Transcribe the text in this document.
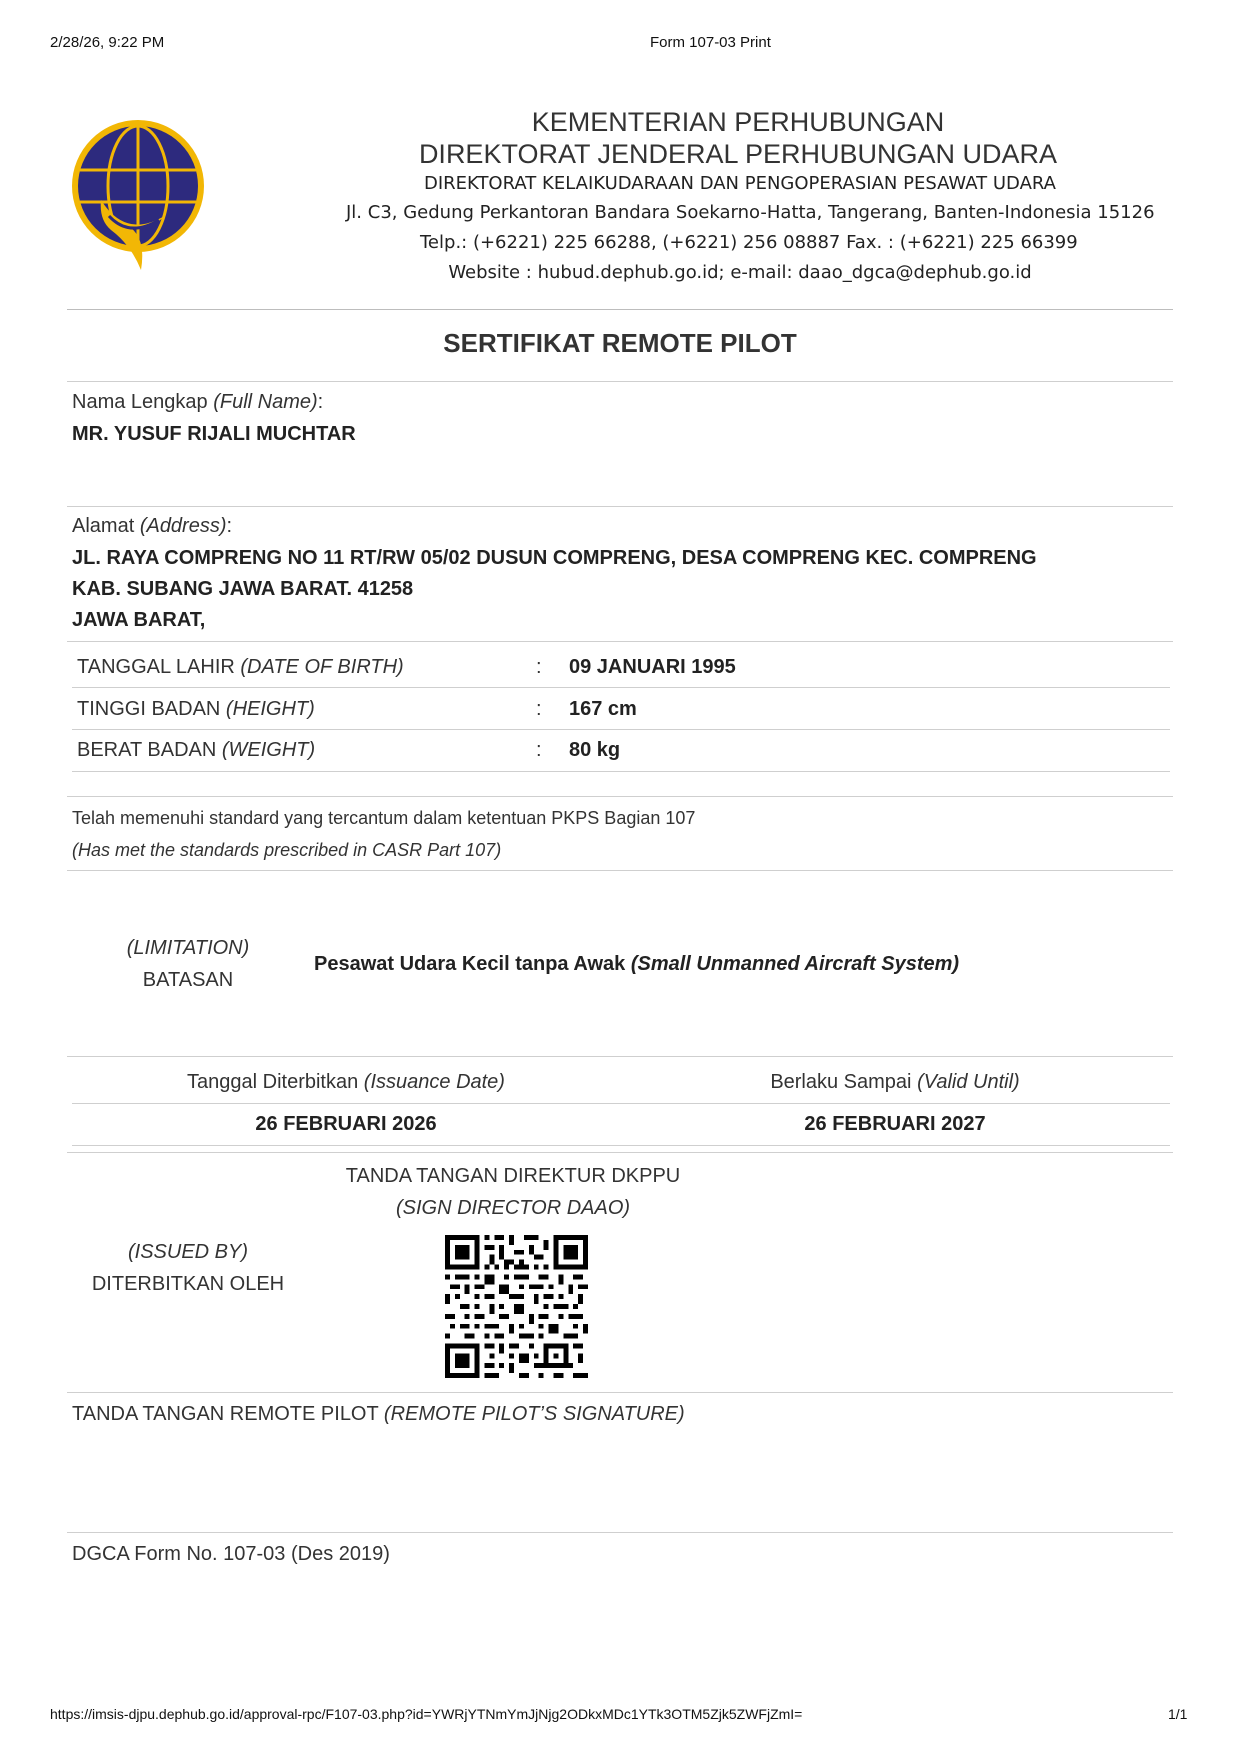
2/28/26, 9:22 PM	Form 107-03 Print
KEMENTERIAN PERHUBUNGAN
DIREKTORAT JENDERAL PERHUBUNGAN UDARA
DIREKTORAT KELAIKUDARAAN DAN PENGOPERASIAN PESAWAT UDARA
Jl. C3, Gedung Perkantoran Bandara Soekarno-Hatta, Tangerang, Banten-Indonesia 15126
Telp.: (+6221) 225 66288, (+6221) 256 08887 Fax. : (+6221) 225 66399
Website : hubud.dephub.go.id; e-mail: daao_dgca@dephub.go.id
SERTIFIKAT REMOTE PILOT
Nama Lengkap (Full Name):
MR. YUSUF RIJALI MUCHTAR
Alamat (Address):
JL. RAYA COMPRENG NO 11 RT/RW 05/02 DUSUN COMPRENG, DESA COMPRENG KEC. COMPRENG
KAB. SUBANG JAWA BARAT. 41258
JAWA BARAT,
TANGGAL LAHIR (DATE OF BIRTH)	: 09 JANUARI 1995
TINGGI BADAN (HEIGHT)	: 167 cm
BERAT BADAN (WEIGHT)	: 80 kg
Telah memenuhi standard yang tercantum dalam ketentuan PKPS Bagian 107
(Has met the standards prescribed in CASR Part 107)
(LIMITATION)
BATASAN
Pesawat Udara Kecil tanpa Awak (Small Unmanned Aircraft System)
Tanggal Diterbitkan (Issuance Date)	Berlaku Sampai (Valid Until)
26 FEBRUARI 2026	26 FEBRUARI 2027
TANDA TANGAN DIREKTUR DKPPU
(SIGN DIRECTOR DAAO)
(ISSUED BY)
DITERBITKAN OLEH
TANDA TANGAN REMOTE PILOT (REMOTE PILOT’S SIGNATURE)
DGCA Form No. 107-03 (Des 2019)
https://imsis-djpu.dephub.go.id/approval-rpc/F107-03.php?id=YWRjYTNmYmJjNjg2ODkxMDc1YTk3OTM5Zjk5ZWFjZmI=	1/1
